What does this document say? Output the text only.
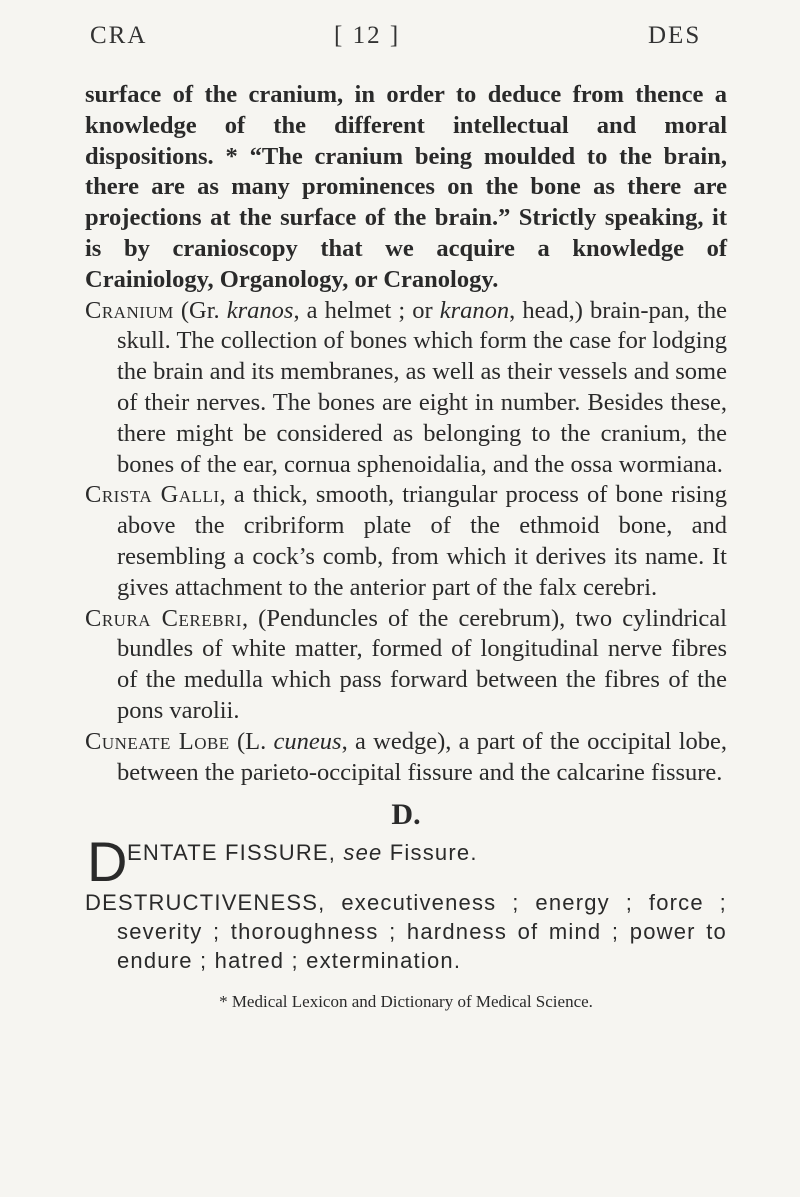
CRA	[ 12 ]	DES

surface of the cranium, in order to deduce from thence a knowledge of the different intellectual and moral dispositions. * “The cranium being moulded to the brain, there are as many prominences on the bone as there are projections at the surface of the brain.” Strictly speaking, it is by cranioscopy that we acquire a knowledge of Crainiology, Organology, or Cranology.

Cranium (Gr. kranos, a helmet ; or kranon, head,) brain-pan, the skull. The collection of bones which form the case for lodging the brain and its membranes, as well as their vessels and some of their nerves. The bones are eight in number. Besides these, there might be considered as belonging to the cranium, the bones of the ear, cornua sphenoidalia, and the ossa wormiana.

Crista Galli, a thick, smooth, triangular process of bone rising above the cribriform plate of the ethmoid bone, and resembling a cock’s comb, from which it derives its name. It gives attachment to the anterior part of the falx cerebri.

Crura Cerebri, (Penduncles of the cerebrum), two cylindrical bundles of white matter, formed of longitudinal nerve fibres of the medulla which pass forward between the fibres of the pons varolii.

Cuneate Lobe (L. cuneus, a wedge), a part of the occipital lobe, between the parieto-occipital fissure and the calcarine fissure.

D.
D
ENTATE FISSURE, see Fissure.

DESTRUCTIVENESS, executiveness ; energy ; force ; severity ; thoroughness ; hardness of mind ; power to endure ; hatred ; extermination.

* Medical Lexicon and Dictionary of Medical Science.
